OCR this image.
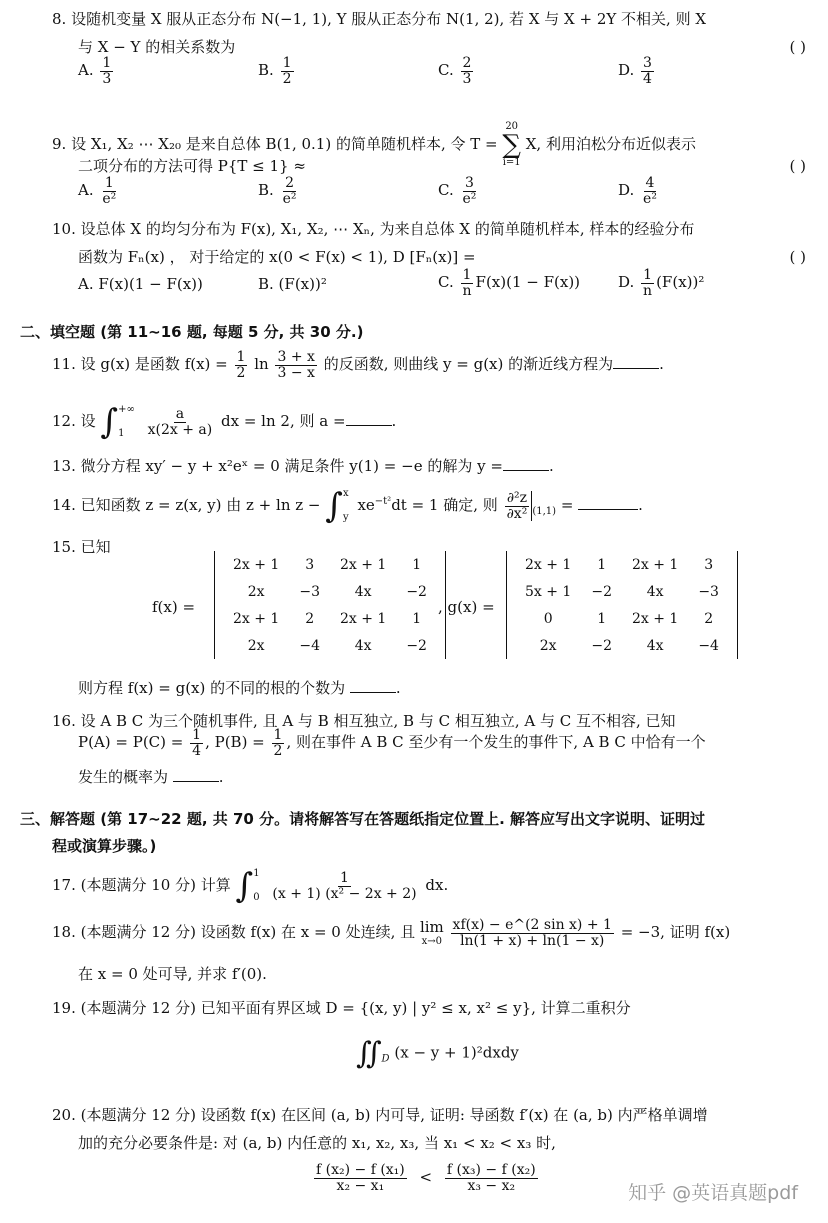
8. 设随机变量 X 服从正态分布 N(−1, 1), Y 服从正态分布 N(1, 2), 若 X 与 X + 2Y 不相关, 则 X
与 X − Y 的相关系数为	( )
A. $\frac{1}{3}$	B. $\frac{1}{2}$	C. $\frac{2}{3}$	D. $\frac{3}{4}$
9. 设 X₁, X₂ ⋯ X₂₀ 是来自总体 B(1, 0.1) 的简单随机样本, 令 T =
20
∑
i=1
X, 利用泊松分布近似表示
二项分布的方法可得 P{T ≤ 1} ≈	( )
A. $\frac{1}{\text{e²}}$	B. $\frac{2}{\text{e²}}$	C. $\frac{3}{\text{e²}}$	D. $\frac{4}{\text{e²}}$
10. 设总体 X 的均匀分布为 F(x), X₁, X₂, ⋯ Xₙ, 为来自总体 X 的简单随机样本, 样本的经验分布
函数为 Fₙ(x) ， 对于给定的 x(0 < F(x) < 1), D [Fₙ(x)] =	( )
A. F(x)(1 − F(x))	B. (F(x))²	C. $\frac{1}{n} F(x)(1 - F(x))$	D. $\frac{1}{n} (F(x))^2$
二、填空题 (第 11∼16 题, 每题 5 分, 共 30 分.)
11. 设 g(x) 是函数 $f(x) = \frac{1}{2}$ $\ln \frac{3 + x}{3 - x}$ 的反函数, 则曲线 y = g(x) 的渐近线方程为	.
12. 设 ∫ +∞
1
	$\frac{a}{x(2x + a)}$ dx = ln 2, 则 a =	.
13. 微分方程 xy′ − y + x²eˣ = 0 满足条件 y(1) = −e 的解为 y =	.
14. 已知函数 z = z(x, y) 由 z + ln z − ∫ x
y
$xe^{-t^2}dt = 1$ 确定, 则 $\frac{\text{∂²z}}{\text{∂x²}} _{(1,1)}$ =	.
15. 已知
f(x) =
2x + 1	3	2x + 1	1
2x	−3	4x	−2
2x + 1	2	2x + 1	1
2x	−4	4x	−2
, g(x) =
2x + 1	1	2x + 1	3
5x + 1	−2	4x	−3
0	1	2x + 1	2
2x	−2	4x	−4
则方程 f(x) = g(x) 的不同的根的个数为	.
16. 设 A B C 为三个随机事件, 且 A 与 B 相互独立, B 与 C 相互独立, A 与 C 互不相容, 已知
$P(A) = P(C) = \frac{1}{4}$ , $P(B) = \frac{1}{2}$ , 则在事件 A B C 至少有一个发生的事件下, A B C 中恰有一个
发生的概率为	.
三、解答题 (第 17∼22 题, 共 70 分。请将解答写在答题纸指定位置上. 解答应写出文字说明、证明过
程或演算步骤。)
17. (本题满分 10 分) 计算 ∫ 1
0
$\frac{1}{\text{(x + 1) (x² − 2x + 2)}}$ dx.
18. (本题满分 12 分) 设函数 f(x) 在 x = 0 处连续, 且 lim
x→0
$\frac{\text{xf(x) − e\textasciicircum{}(2 sin x) + 1}}{\ln(1 + x) + \ln(1 - x)} = -3$, 证明 f(x)
在 x = 0 处可导, 并求 f′(0).
19. (本题满分 12 分) 已知平面有界区域 D = {(x, y) | y² ≤ x, x² ≤ y}, 计算二重积分
$∬_D$ (x − y + 1)²dxdy
20. (本题满分 12 分) 设函数 f(x) 在区间 (a, b) 内可导, 证明: 导函数 f′(x) 在 (a, b) 内严格单调增
加的充分必要条件是: 对 (a, b) 内任意的 x₁, x₂, x₃, 当 x₁ < x₂ < x₃ 时,
$\frac{\text{f (x₂) − f (x₁)}}{\text{x₂ − x₁}} < \frac{\text{f (x₃) − f (x₂)}}{\text{x₃ − x₂}}$	知乎 @英语真题pdf
